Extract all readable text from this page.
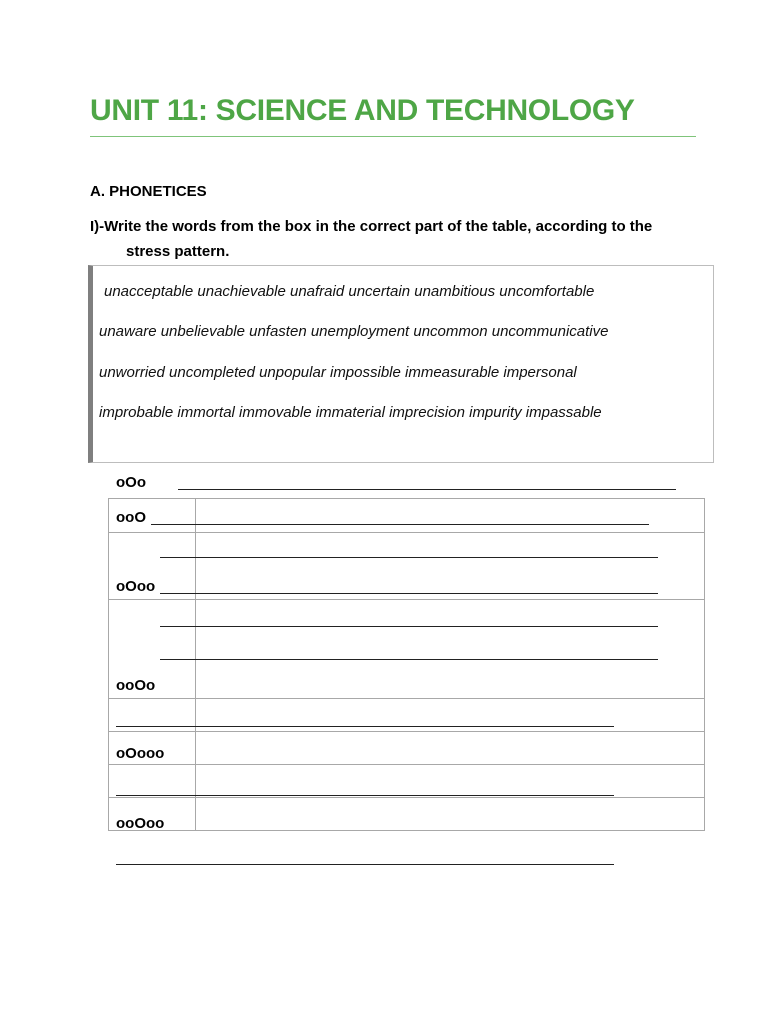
UNIT 11: SCIENCE AND TECHNOLOGY
A. PHONETICES
I)-Write the words from the box in the correct part of the table, according to the
stress pattern.
unacceptable unachievable unafraid uncertain unambitious uncomfortable
unaware unbelievable unfasten unemployment uncommon uncommunicative
unworried uncompleted unpopular impossible immeasurable impersonal
improbable immortal immovable immaterial imprecision impurity impassable
oOo
ooO
oOoo
ooOo
oOooo
ooOoo
